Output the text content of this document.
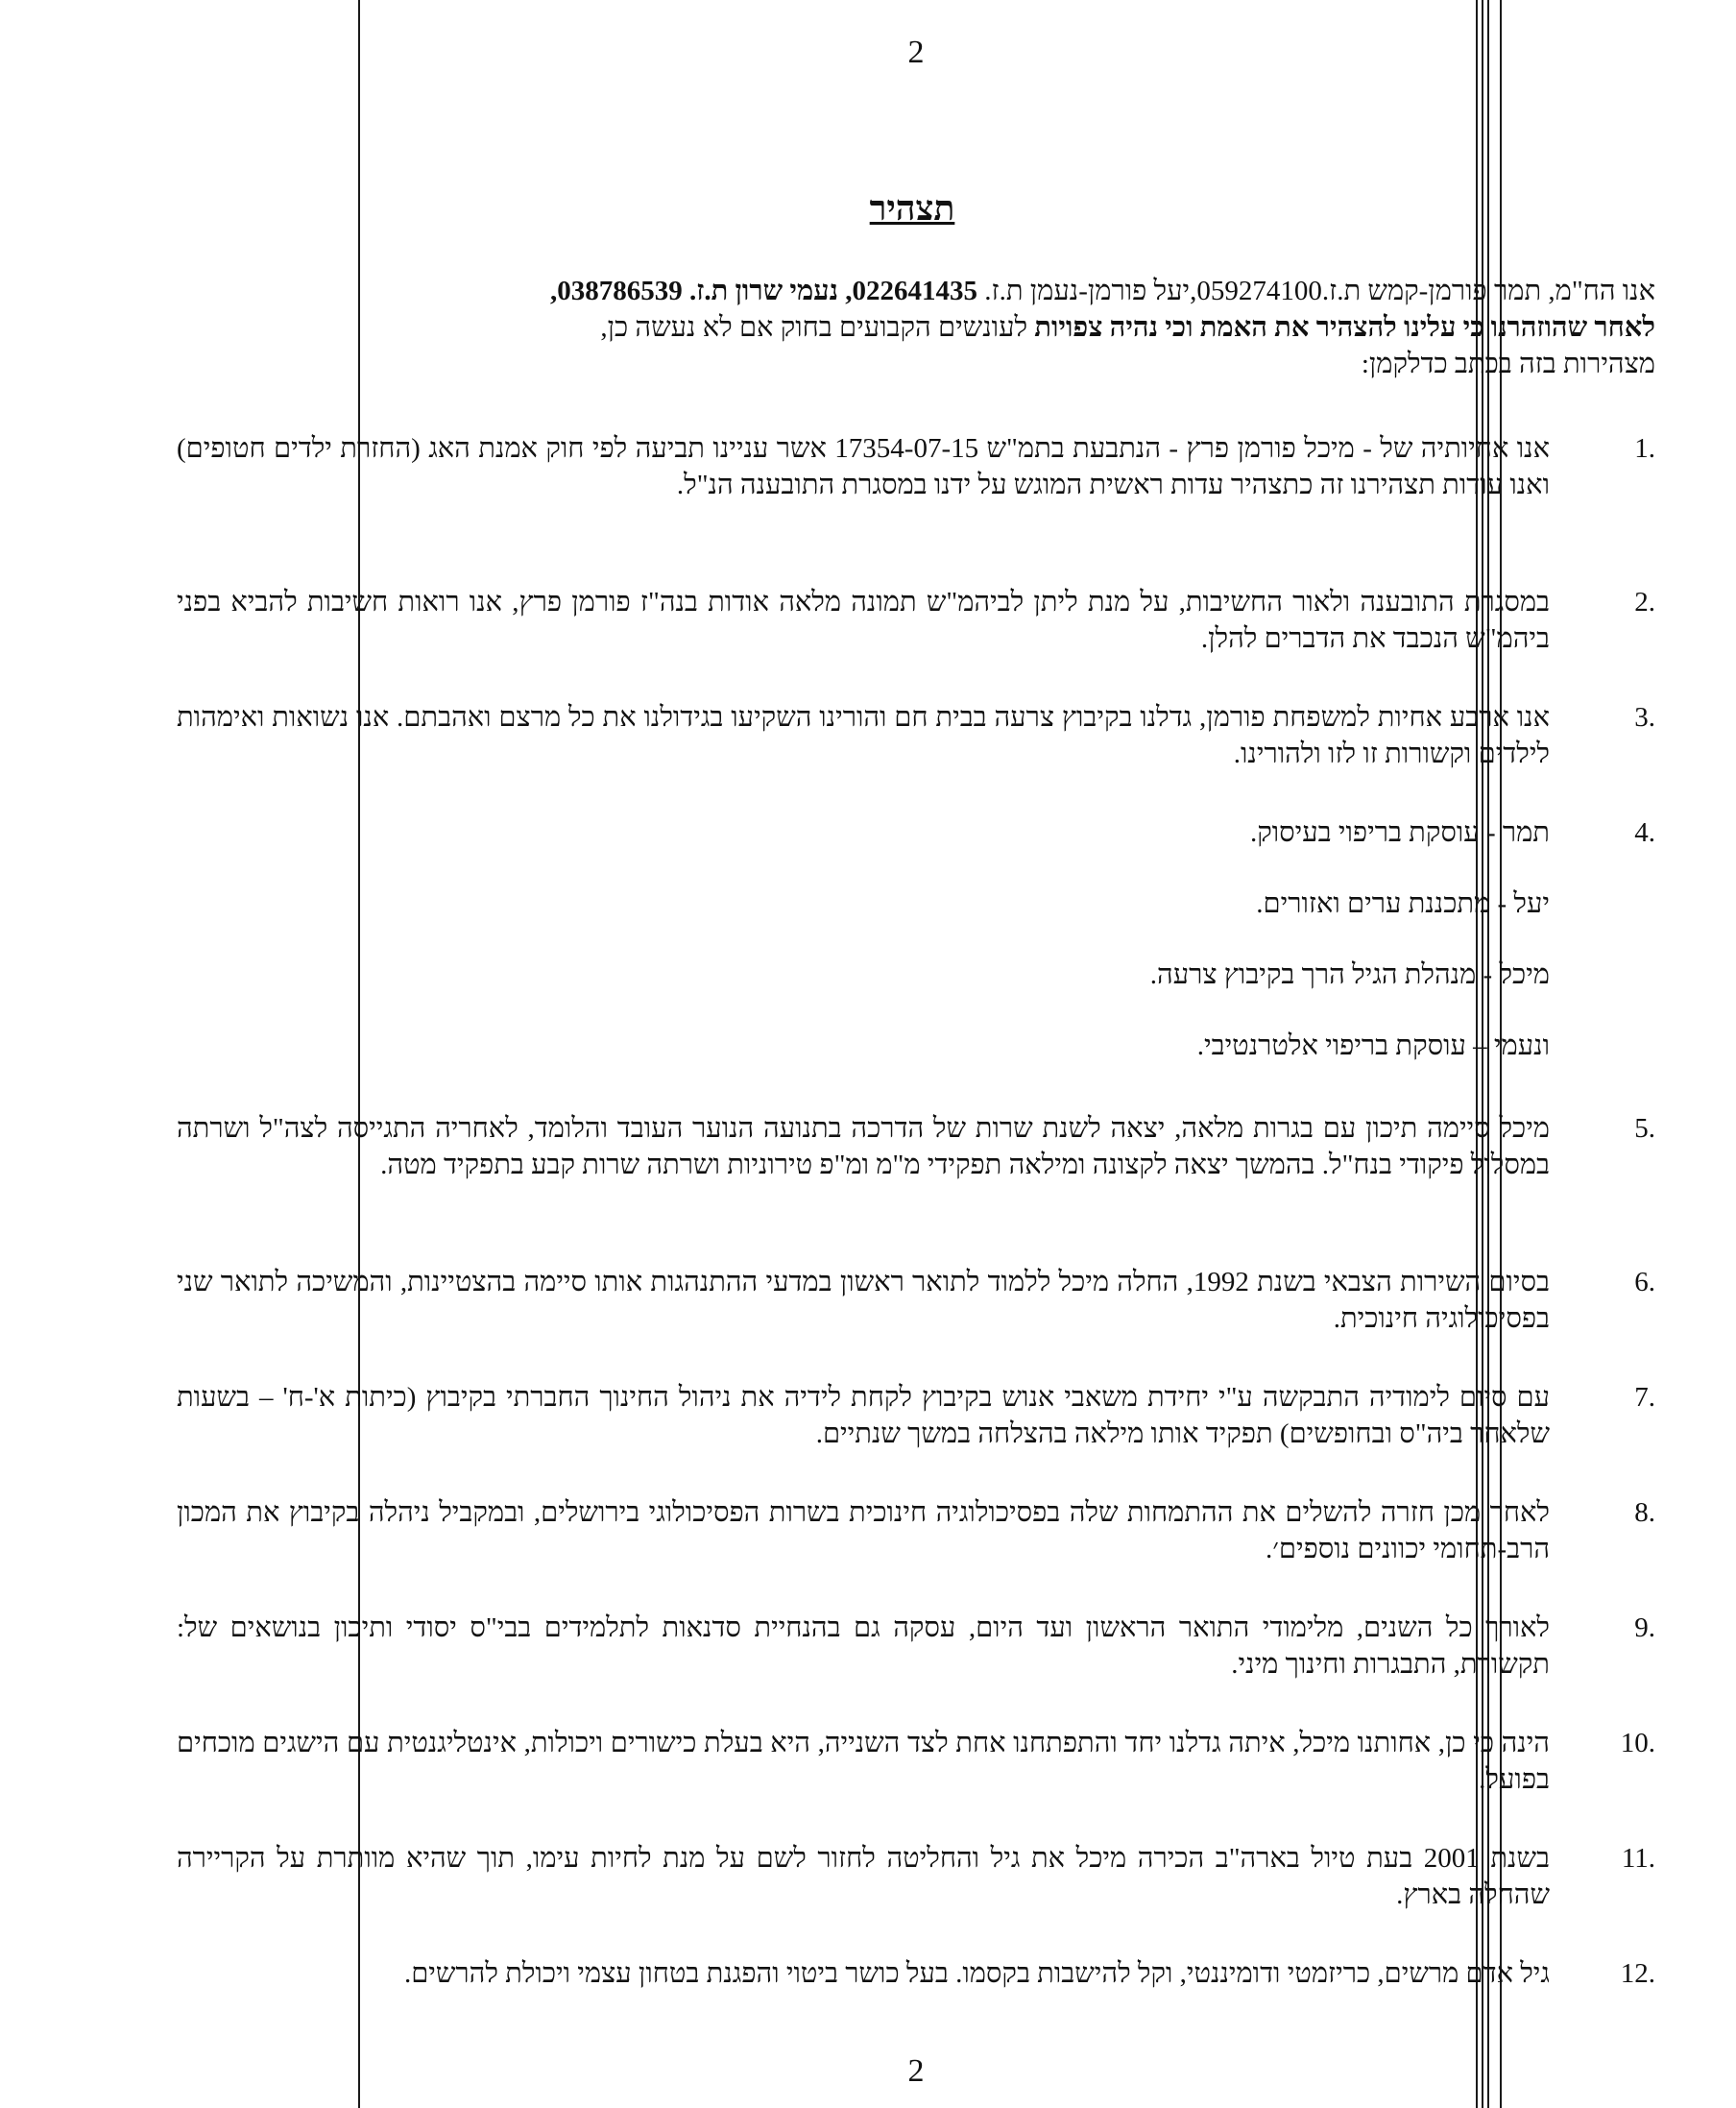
2
תצהיר
אנו הח"מ, תמר פורמן-קמש ת.ז.059274100,יעל פורמן-נעמן ת.ז. 022641435, נעמי שרון ת.ז. 038786539,
לאחר שהוזהרנו כי עלינו להצהיר את האמת וכי נהיה צפויות לעונשים הקבועים בחוק אם לא נעשה כן,
מצהירות בזה בכתב כדלקמן:
1.
אנו אחיותיה של - מיכל פורמן פרץ - הנתבעת בתמ"ש 17354-07-15 אשר עניינו תביעה לפי חוק אמנת האג (החזרת ילדים חטופים) ואנו עודות תצהירנו זה כתצהיר עדות ראשית המוגש על ידנו במסגרת התובענה הנ"ל.
2.
במסגרת התובענה ולאור החשיבות, על מנת ליתן לביהמ"ש תמונה מלאה אודות בנה"ז פורמן פרץ, אנו רואות חשיבות להביא בפני ביהמ"ש הנכבד את הדברים להלן.
3.
אנו ארבע אחיות למשפחת פורמן, גדלנו בקיבוץ צרעה בבית חם והורינו השקיעו בגידולנו את כל מרצם ואהבתם. אנו נשואות ואימהות לילדים וקשורות זו לזו ולהורינו.
4.
תמר - עוסקת בריפוי בעיסוק.
יעל - מתכננת ערים ואזורים.
מיכל - מנהלת הגיל הרך בקיבוץ צרעה.
ונעמי – עוסקת בריפוי אלטרנטיבי.
5.
מיכל סיימה תיכון עם בגרות מלאה, יצאה לשנת שרות של הדרכה בתנועה הנוער העובד והלומד, לאחריה התגייסה לצה"ל ושרתה במסלול פיקודי בנח"ל. בהמשך יצאה לקצונה ומילאה תפקידי מ"מ ומ"פ טירוניות ושרתה שרות קבע בתפקיד מטה.
6.
בסיום השירות הצבאי בשנת 1992, החלה מיכל ללמוד לתואר ראשון במדעי ההתנהגות אותו סיימה בהצטיינות, והמשיכה לתואר שני בפסיכולוגיה חינוכית.
7.
עם סיום לימודיה התבקשה ע"י יחידת משאבי אנוש בקיבוץ לקחת לידיה את ניהול החינוך החברתי בקיבוץ (כיתות א'-ח' – בשעות שלאחר ביה"ס ובחופשים) תפקיד אותו מילאה בהצלחה במשך שנתיים.
8.
לאחר מכן חזרה להשלים את ההתמחות שלה בפסיכולוגיה חינוכית בשרות הפסיכולוגי בירושלים, ובמקביל ניהלה בקיבוץ את המכון הרב-תחומי יכוונים נוספים׳.
9.
לאורך כל השנים, מלימודי התואר הראשון ועד היום, עסקה גם בהנחיית סדנאות לתלמידים בבי"ס יסודי ותיכון בנושאים של: תקשורת, התבגרות וחינוך מיני.
10.
הינה כי כן, אחותנו מיכל, איתה גדלנו יחד והתפתחנו אחת לצד השנייה, היא בעלת כישורים ויכולות, אינטליגנטית עם הישגים מוכחים בפועל.
11.
בשנת 2001 בעת טיול בארה"ב הכירה מיכל את גיל והחליטה לחזור לשם על מנת לחיות עימו, תוך שהיא מוותרת על הקריירה שהחלה בארץ.
12.
גיל אדם מרשים, כריזמטי ודומיננטי, וקל להישבות בקסמו. בעל כושר ביטוי והפגנת בטחון עצמי ויכולת להרשים.
2
